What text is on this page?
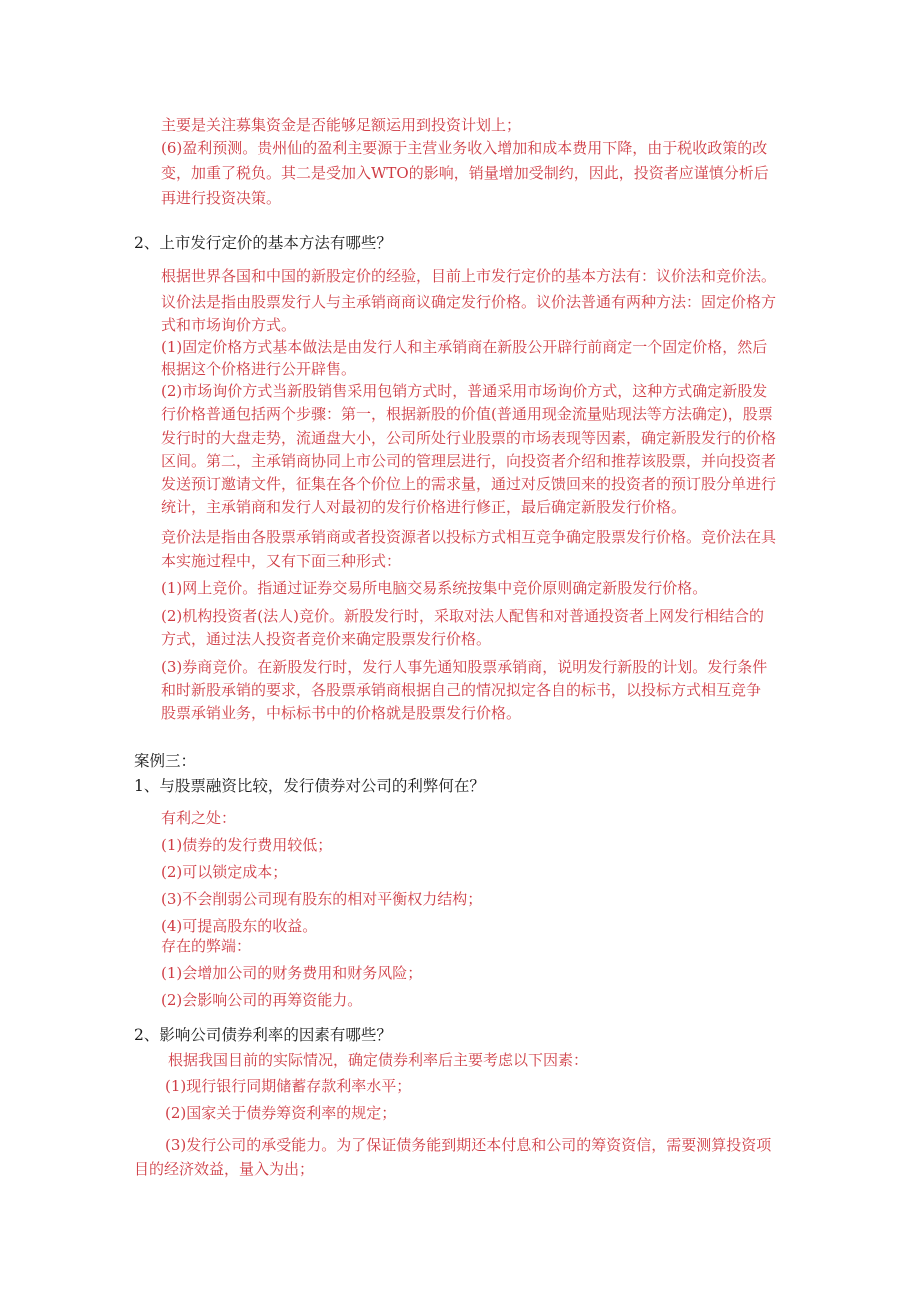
主要是关注募集资金是否能够足额运用到投资计划上；

(6)盈利预测。贵州仙的盈利主要源于主营业务收入增加和成本费用下降，由于税收政策的改

变，加重了税负。其二是受加入WTO的影响，销量增加受制约，因此，投资者应谨慎分析后

再进行投资决策。

2、上市发行定价的基本方法有哪些？

根据世界各国和中国的新股定价的经验，目前上市发行定价的基本方法有：议价法和竞价法。

议价法是指由股票发行人与主承销商商议确定发行价格。议价法普通有两种方法：固定价格方

式和市场询价方式。

(1)固定价格方式基本做法是由发行人和主承销商在新股公开辟行前商定一个固定价格，然后

根据这个价格进行公开辟售。

(2)市场询价方式当新股销售采用包销方式时，普通采用市场询价方式，这种方式确定新股发

行价格普通包括两个步骤：第一，根据新股的价值(普通用现金流量贴现法等方法确定)，股票

发行时的大盘走势，流通盘大小，公司所处行业股票的市场表现等因素，确定新股发行的价格

区间。第二，主承销商协同上市公司的管理层进行，向投资者介绍和推荐该股票，并向投资者

发送预订邀请文件，征集在各个价位上的需求量，通过对反馈回来的投资者的预订股分单进行

统计，主承销商和发行人对最初的发行价格进行修正，最后确定新股发行价格。

竞价法是指由各股票承销商或者投资源者以投标方式相互竞争确定股票发行价格。竞价法在具

本实施过程中，又有下面三种形式：

(1)网上竞价。指通过证券交易所电脑交易系统按集中竞价原则确定新股发行价格。

(2)机构投资者(法人)竞价。新股发行时，采取对法人配售和对普通投资者上网发行相结合的

方式，通过法人投资者竞价来确定股票发行价格。

(3)券商竞价。在新股发行时，发行人事先通知股票承销商，说明发行新股的计划。发行条件

和时新股承销的要求，各股票承销商根据自己的情况拟定各自的标书，以投标方式相互竞争

股票承销业务，中标标书中的价格就是股票发行价格。

案例三：

1、与股票融资比较，发行债券对公司的利弊何在？

有利之处：

(1)债券的发行费用较低；

(2)可以锁定成本；

(3)不会削弱公司现有股东的相对平衡权力结构；

(4)可提高股东的收益。

存在的弊端：

(1)会增加公司的财务费用和财务风险；

(2)会影响公司的再筹资能力。

2、影响公司债券利率的因素有哪些？

根据我国目前的实际情况，确定债券利率后主要考虑以下因素：

(1)现行银行同期储蓄存款利率水平；

(2)国家关于债券筹资利率的规定；

(3)发行公司的承受能力。为了保证债务能到期还本付息和公司的筹资资信，需要测算投资项

目的经济效益，量入为出；
